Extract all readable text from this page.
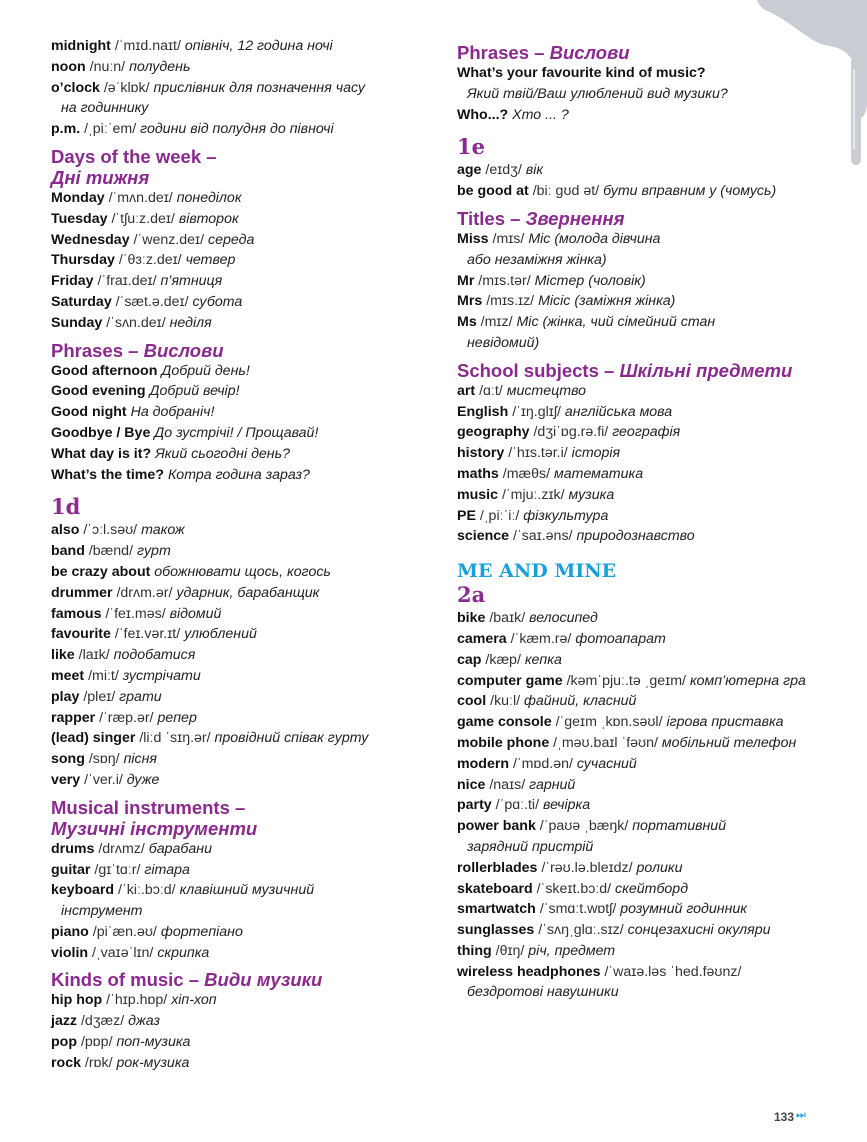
midnight /ˈmɪd.naɪt/ опівніч, 12 година ночі
noon /nuːn/ полудень
o’clock /əˈklɒk/ прислівник для позначення часу
на годиннику
p.m. /ˌpiːˈem/ години від полудня до півночі
Days of the week –
Дні тижня
Monday /ˈmʌn.deɪ/ понеділок
Tuesday /ˈtʃuːz.deɪ/ вівторок
Wednesday /ˈwenz.deɪ/ середа
Thursday /ˈθɜːz.deɪ/ четвер
Friday /ˈfraɪ.deɪ/ п’ятниця
Saturday /ˈsæt.ə.deɪ/ субота
Sunday /ˈsʌn.deɪ/ неділя
Phrases – Вислови
Good afternoon Добрий день!
Good evening Добрий вечір!
Good night На добраніч!
Goodbye / Bye До зустрічі! / Прощавай!
What day is it? Який сьогодні день?
What’s the time? Котра година зараз?
1d
also /ˈɔːl.səʊ/ також
band /bænd/ гурт
be crazy about обожнювати щось, когось
drummer /drʌm.ər/ ударник, барабанщик
famous /ˈfeɪ.məs/ відомий
favourite /ˈfeɪ.vər.ɪt/ улюблений
like /laɪk/ подобатися
meet /miːt/ зустрічати
play /pleɪ/ грати
rapper /ˈræp.ər/ репер
(lead) singer /liːd ˈsɪŋ.ər/ провідний співак гурту
song /sɒŋ/ пісня
very /ˈver.i/ дуже
Musical instruments –
Музичні інструменти
drums /drʌmz/ барабани
guitar /gɪˈtɑːr/ гітара
keyboard /ˈkiː.bɔːd/ клавішний музичний
інструмент
piano /piˈæn.əʊ/ фортепіано
violin /ˌvaɪəˈlɪn/ скрипка
Kinds of music – Види музики
hip hop /ˈhɪp.hɒp/ хіп-хоп
jazz /dʒæz/ джаз
pop /pɒp/ поп-музика
rock /rɒk/ рок-музика
Phrases – Вислови
What’s your favourite kind of music?
Який твій/Ваш улюблений вид музики?
Who...? Хто ... ?
1e
age /eɪdʒ/ вік
be good at /biː gʊd ət/ бути вправним у (чомусь)
Titles – Звернення
Miss /mɪs/ Міс (молода дівчина
або незаміжня жінка)
Mr /mɪs.tər/ Містер (чоловік)
Mrs /mɪs.ɪz/ Місіс (заміжня жінка)
Ms /mɪz/ Міс (жінка, чий сімейний стан
невідомий)
School subjects – Шкільні предмети
art /ɑːt/ мистецтво
English /ˈɪŋ.glɪʃ/ англійська мова
geography /dʒiˈɒg.rə.fi/ географія
history /ˈhɪs.tər.i/ історія
maths /mæθs/ математика
music /ˈmjuː.zɪk/ музика
PE /ˌpiːˈiː/ фізкультура
science /ˈsaɪ.əns/ природознавство
ME AND MINE
2a
bike /baɪk/ велосипед
camera /ˈkæm.rə/ фотоапарат
cap /kæp/ кепка
computer game /kəmˈpjuː.tə ˌgeɪm/ комп’ютерна гра
cool /kuːl/ файний, класний
game console /ˈgeɪm ˌkɒn.səʊl/ ігрова приставка
mobile phone /ˌməʊ.baɪl ˈfəʊn/ мобільний телефон
modern /ˈmɒd.ən/ сучасний
nice /naɪs/ гарний
party /ˈpɑː.ti/ вечірка
power bank /ˈpaʊə ˌbæŋk/ портативний
зарядний пристрій
rollerblades /ˈrəʊ.lə.bleɪdz/ ролики
skateboard /ˈskeɪt.bɔːd/ скейтборд
smartwatch /ˈsmɑːt.wɒtʃ/ розумний годинник
sunglasses /ˈsʌŋˌglɑː.sɪz/ сонцезахисні окуляри
thing /θɪŋ/ річ, предмет
wireless headphones /ˈwaɪə.ləs ˈhed.fəʊnz/
бездротові навушники
133 ⏭
